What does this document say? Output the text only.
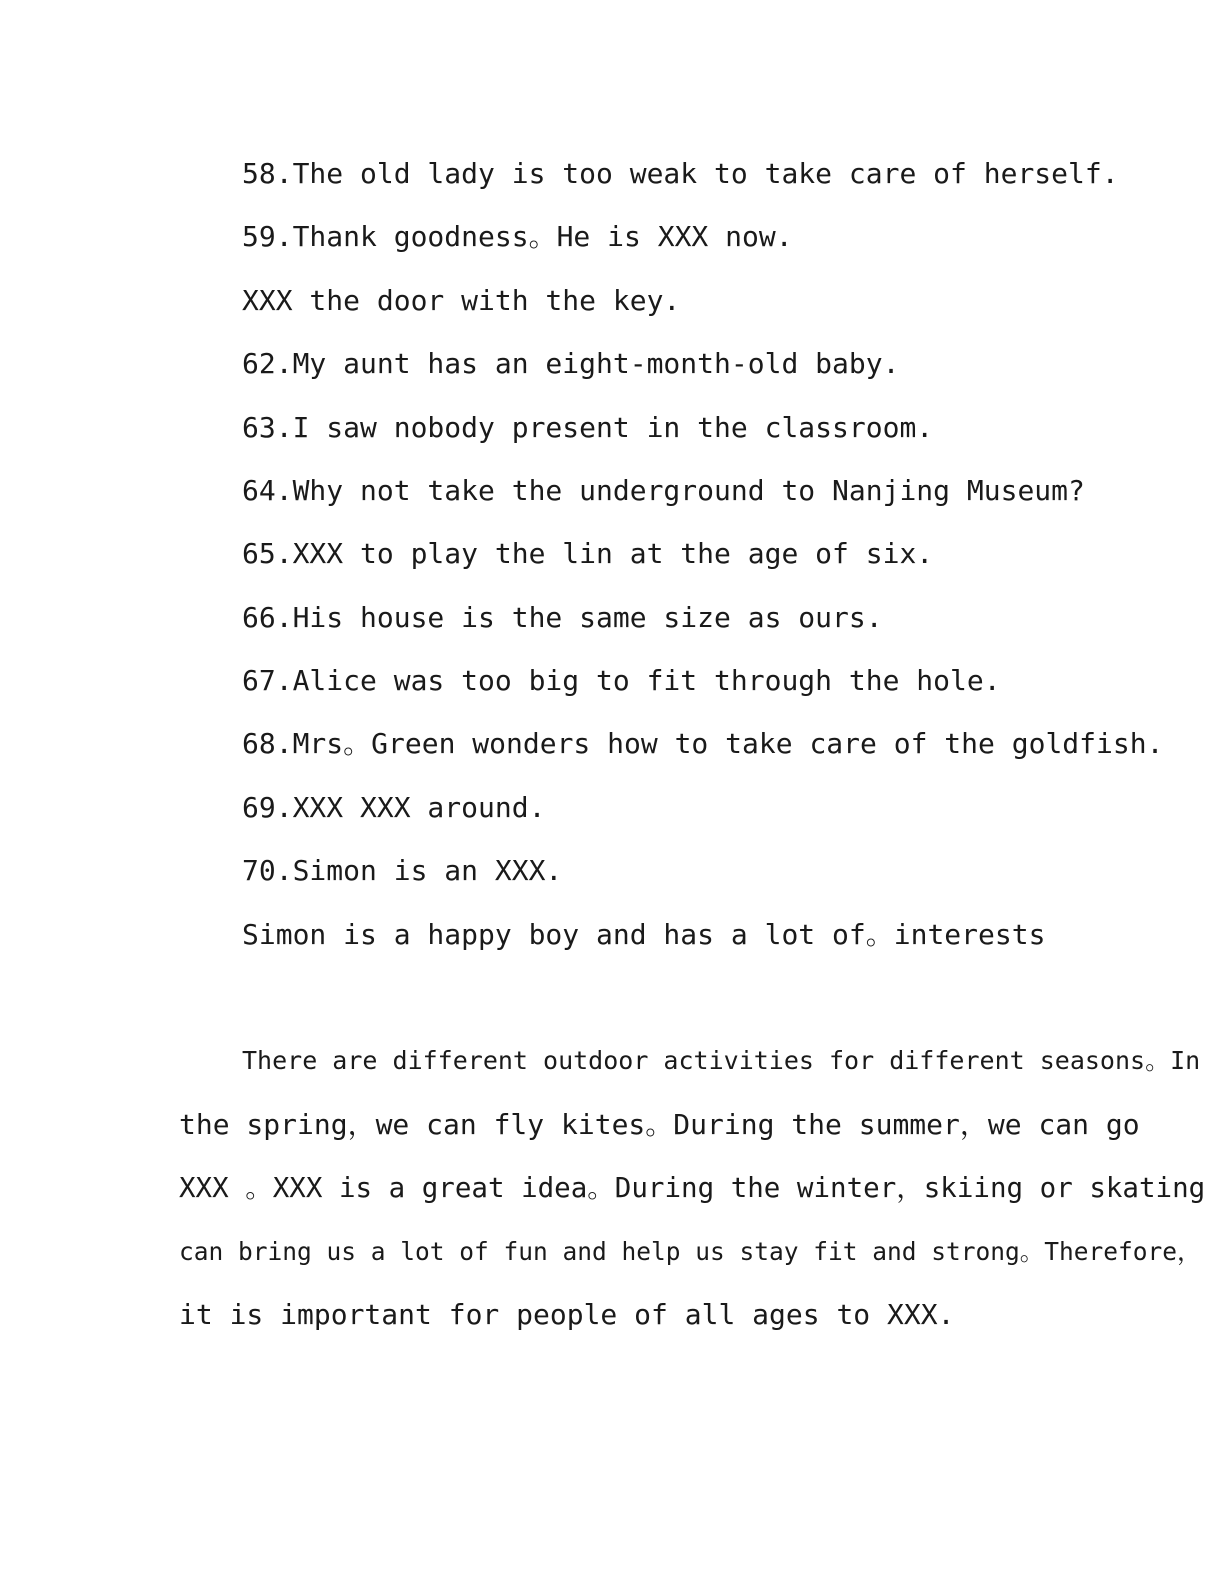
58.The old lady is too weak to take care of herself.
59.Thank goodness。He is XXX now.
XXX the door with the key.
62.My aunt has an eight-month-old baby.
63.I saw nobody present in the classroom.
64.Why not take the underground to Nanjing Museum?
65.XXX to play the lin at the age of six.
66.His house is the same size as ours.
67.Alice was too big to fit through the hole.
68.Mrs。Green wonders how to take care of the goldfish.
69.XXX XXX around.
70.Simon is an XXX.
Simon is a happy boy and has a lot of。interests
There are different outdoor activities for different seasons。In
the spring，we can fly kites。During the summer，we can go
XXX 。XXX is a great idea。During the winter，skiing or skating
can bring us a lot of fun and help us stay fit and strong。Therefore，
it is important for people of all ages to XXX.
